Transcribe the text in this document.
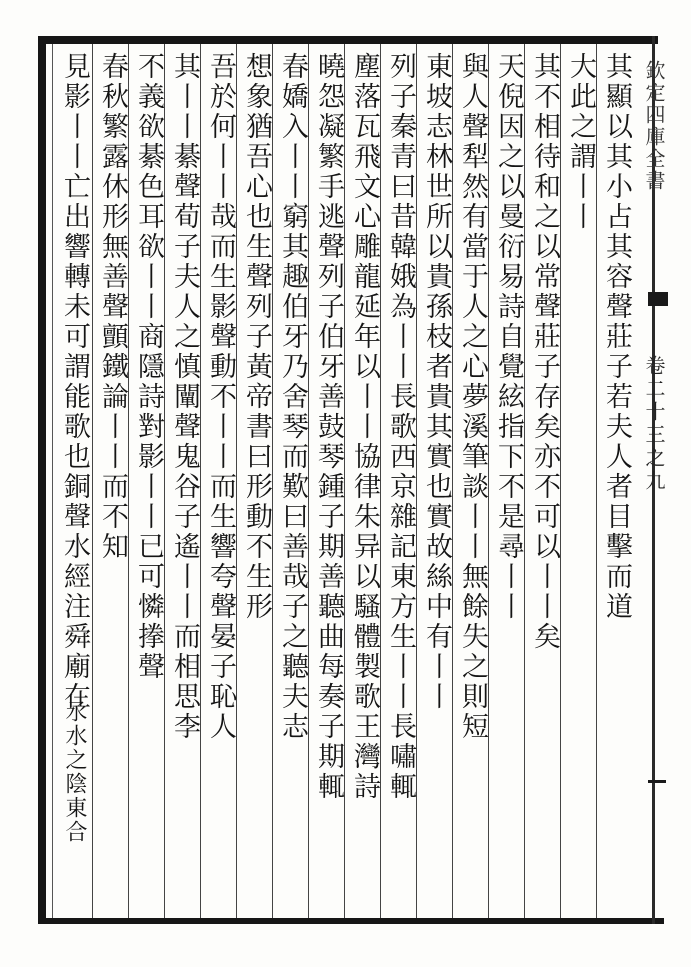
欽定四庫全書
卷二十三之九
其顯以其小占其容聲莊子若夫人者目擊而道
大此之謂丨丨
其不相待和之以常聲莊子存矣亦不可以丨丨矣
天倪因之以曼衍易詩自覺絃指下不是尋丨丨
與人聲犁然有當于人之心夢溪筆談丨丨無餘失之則短
東坡志林世所以貴孫枝者貴其實也實故絲中有丨丨
列子秦青曰昔韓娥為丨丨長歌西京雜記東方生丨丨長嘯輒
塵落瓦飛文心雕龍延年以丨丨協律朱异以騷體製歌王灣詩
曉怨凝繁手逃聲列子伯牙善鼓琴鍾子期善聽曲每奏子期輒
春嬌入丨丨窮其趣伯牙乃舍琴而歎曰善哉子之聽夫志
想象猶吾心也生聲列子黃帝書曰形動不生形
吾於何丨丨哉而生影聲動不丨丨而生響夸聲晏子恥人
其丨丨綦聲荀子夫人之慎闡聲鬼谷子遙丨丨而相思李
不義欲綦色耳欲丨丨商隱詩對影丨丨已可憐搼聲
春秋繁露休形無善聲顫鐵論丨丨而不知
見影丨丨亡出響轉未可謂能歌也銅聲水經注舜廟在
氶水之陰東合
